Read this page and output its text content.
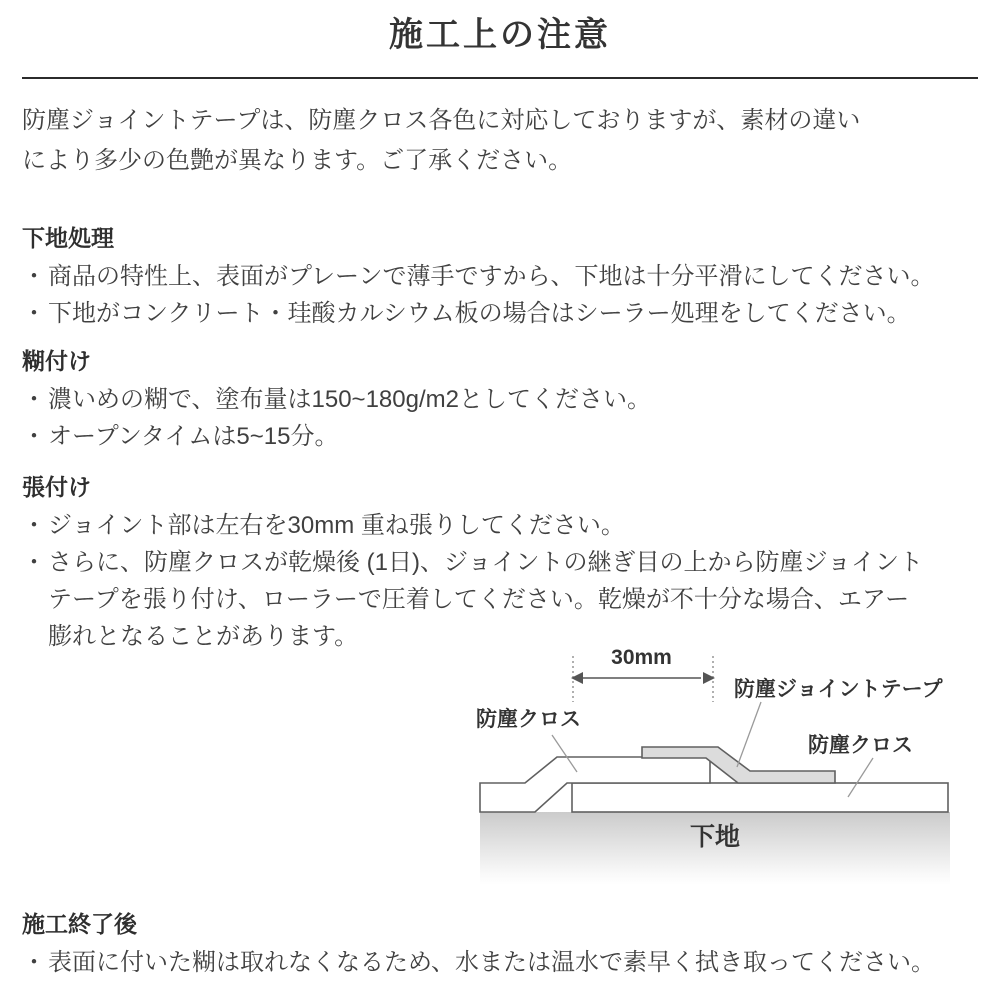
施工上の注意
防塵ジョイントテープは、防塵クロス各色に対応しておりますが、素材の違い
により多少の色艶が異なります。ご了承ください。
下地処理
・ 商品の特性上、表面がプレーンで薄手ですから、下地は十分平滑にしてください。
・ 下地がコンクリート・珪酸カルシウム板の場合はシーラー処理をしてください。
糊付け
・ 濃いめの糊で、塗布量は150~180g/m2としてください。
・ オープンタイムは5~15分。
張付け
・ ジョイント部は左右を30mm 重ね張りしてください。
・ さらに、防塵クロスが乾燥後 (1日)、ジョイントの継ぎ目の上から防塵ジョイント
テープを張り付け、ローラーで圧着してください。乾燥が不十分な場合、エアー
膨れとなることがあります。
施工終了後
・ 表面に付いた糊は取れなくなるため、水または温水で素早く拭き取ってください。
30mm
防塵ジョイントテープ
防塵クロス
防塵クロス
下地
